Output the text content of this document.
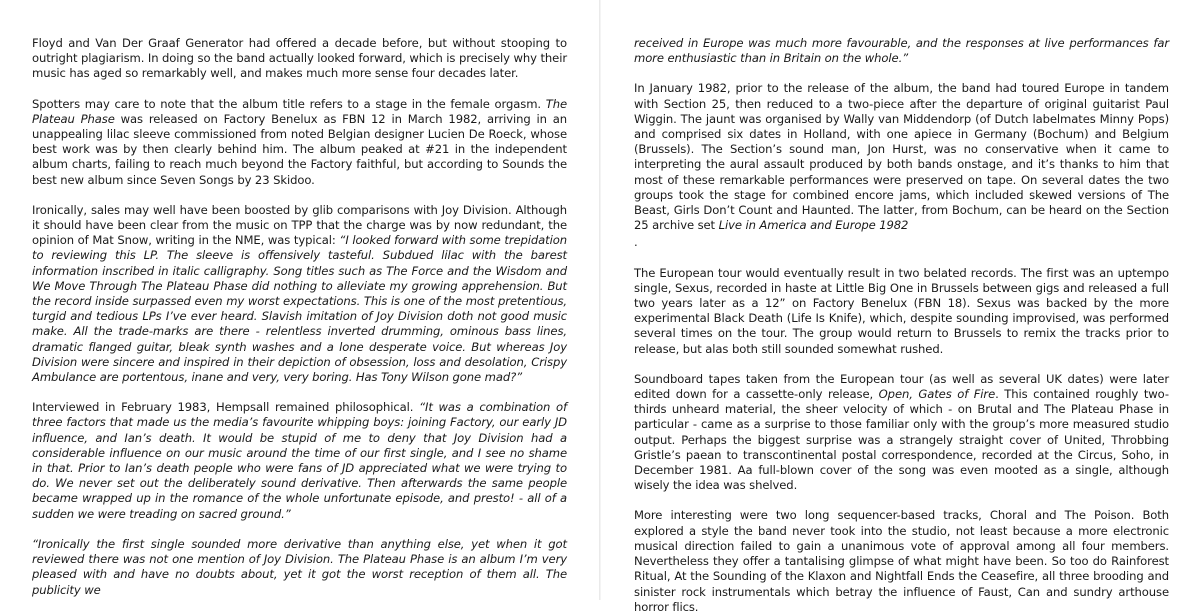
Floyd and Van Der Graaf Generator had offered a decade before, but without stooping to outright plagiarism. In doing so the band actually looked forward, which is precisely why their music has aged so remarkably well, and makes much more sense four decades later.

Spotters may care to note that the album title refers to a stage in the female orgasm. The Plateau Phase was released on Factory Benelux as FBN 12 in March 1982, arriving in an unappealing lilac sleeve commissioned from noted Belgian designer Lucien De Roeck, whose best work was by then clearly behind him. The album peaked at #21 in the independent album charts, failing to reach much beyond the Factory faithful, but according to Sounds the best new album since Seven Songs by 23 Skidoo.

Ironically, sales may well have been boosted by glib comparisons with Joy Division. Although it should have been clear from the music on TPP that the charge was by now redundant, the opinion of Mat Snow, writing in the NME, was typical: “I looked forward with some trepidation to reviewing this LP. The sleeve is offensively tasteful. Subdued lilac with the barest information inscribed in italic calligraphy. Song titles such as The Force and the Wisdom and We Move Through The Plateau Phase did nothing to alleviate my growing apprehension. But the record inside surpassed even my worst expectations. This is one of the most pretentious, turgid and tedious LPs I’ve ever heard. Slavish imitation of Joy Division doth not good music make. All the trade-marks are there - relentless inverted drumming, ominous bass lines, dramatic flanged guitar, bleak synth washes and a lone desperate voice. But whereas Joy Division were sincere and inspired in their depiction of obsession, loss and desolation, Crispy Ambulance are portentous, inane and very, very boring. Has Tony Wilson gone mad?”

Interviewed in February 1983, Hempsall remained philosophical. “It was a combination of three factors that made us the media’s favourite whipping boys: joining Factory, our early JD influence, and Ian’s death. It would be stupid of me to deny that Joy Division had a considerable influence on our music around the time of our first single, and I see no shame in that. Prior to Ian’s death people who were fans of JD appreciated what we were trying to do. We never set out the deliberately sound derivative. Then afterwards the same people became wrapped up in the romance of the whole unfortunate episode, and presto! - all of a sudden we were treading on sacred ground.”

“Ironically the first single sounded more derivative than anything else, yet when it got reviewed there was not one mention of Joy Division. The Plateau Phase is an album I’m very pleased with and have no doubts about, yet it got the worst reception of them all. The publicity we

received in Europe was much more favourable, and the responses at live performances far more enthusiastic than in Britain on the whole.”

In January 1982, prior to the release of the album, the band had toured Europe in tandem with Section 25, then reduced to a two-piece after the departure of original guitarist Paul Wiggin. The jaunt was organised by Wally van Middendorp (of Dutch labelmates Minny Pops) and comprised six dates in Holland, with one apiece in Germany (Bochum) and Belgium (Brussels). The Section’s sound man, Jon Hurst, was no conservative when it came to interpreting the aural assault produced by both bands onstage, and it’s thanks to him that most of these remarkable performances were preserved on tape. On several dates the two groups took the stage for combined encore jams, which included skewed versions of The Beast, Girls Don’t Count and Haunted. The latter, from Bochum, can be heard on the Section 25 archive set Live in America and Europe 1982

.

The European tour would eventually result in two belated records. The first was an uptempo single, Sexus, recorded in haste at Little Big One in Brussels between gigs and released a full two years later as a 12” on Factory Benelux (FBN 18). Sexus was backed by the more experimental Black Death (Life Is Knife), which, despite sounding improvised, was performed several times on the tour. The group would return to Brussels to remix the tracks prior to release, but alas both still sounded somewhat rushed.

Soundboard tapes taken from the European tour (as well as several UK dates) were later edited down for a cassette-only release, Open, Gates of Fire. This contained roughly two-thirds unheard material, the sheer velocity of which - on Brutal and The Plateau Phase in particular - came as a surprise to those familiar only with the group’s more measured studio output. Perhaps the biggest surprise was a strangely straight cover of United, Throbbing Gristle’s paean to transcontinental postal correspondence, recorded at the Circus, Soho, in December 1981. Aa full-blown cover of the song was even mooted as a single, although wisely the idea was shelved.

More interesting were two long sequencer-based tracks, Choral and The Poison. Both explored a style the band never took into the studio, not least because a more electronic musical direction failed to gain a unanimous vote of approval among all four members. Nevertheless they offer a tantalising glimpse of what might have been. So too do Rainforest Ritual, At the Sounding of the Klaxon and Nightfall Ends the Ceasefire, all three brooding and sinister rock instrumentals which betray the influence of Faust, Can and sundry arthouse horror flics.
